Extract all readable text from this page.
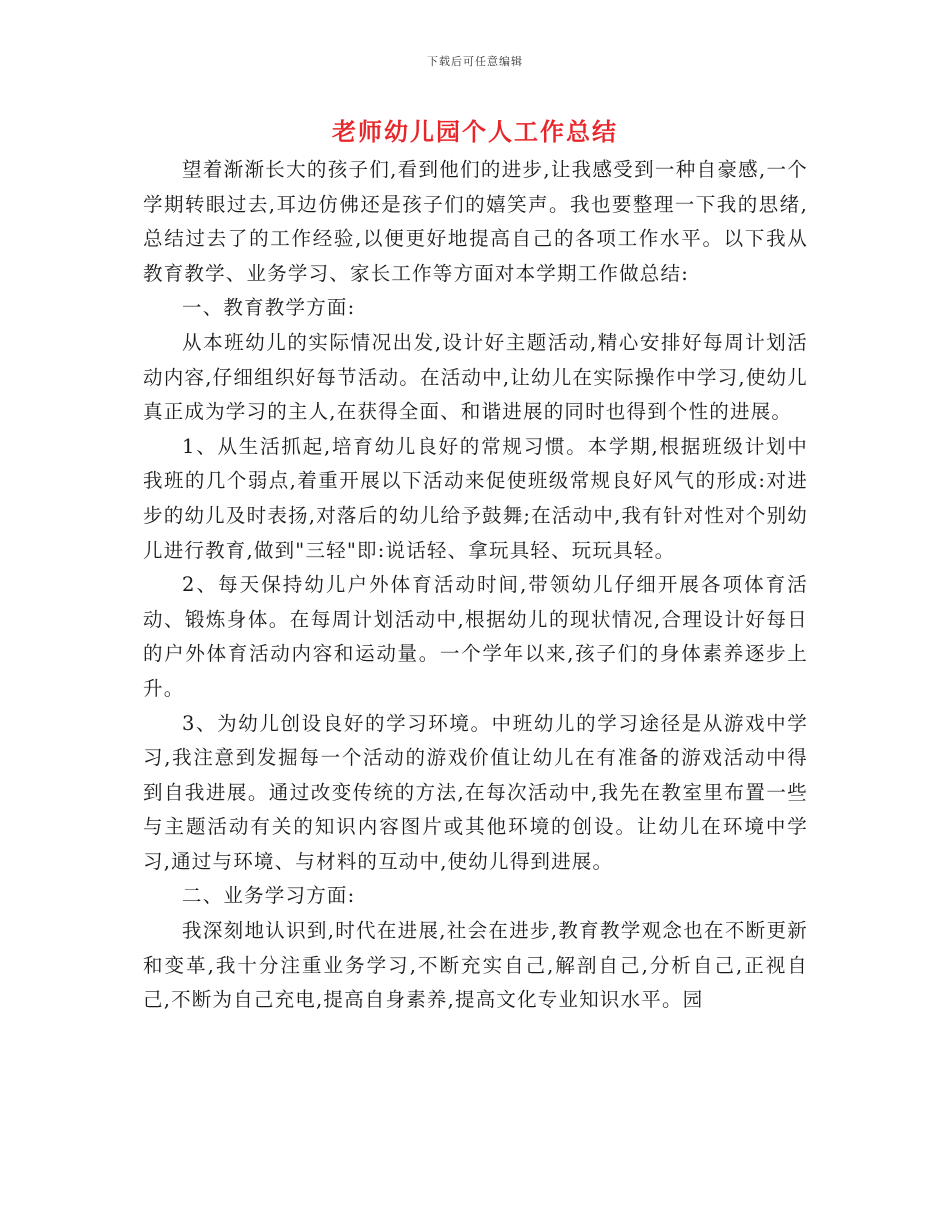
下载后可任意编辑
老师幼儿园个人工作总结

望着渐渐长大的孩子们,看到他们的进步,让我感受到一种自豪感,一个学期转眼过去,耳边仿佛还是孩子们的嬉笑声。我也要整理一下我的思绪,总结过去了的工作经验,以便更好地提高自己的各项工作水平。以下我从教育教学、业务学习、家长工作等方面对本学期工作做总结:

一、教育教学方面:

从本班幼儿的实际情况出发,设计好主题活动,精心安排好每周计划活动内容,仔细组织好每节活动。在活动中,让幼儿在实际操作中学习,使幼儿真正成为学习的主人,在获得全面、和谐进展的同时也得到个性的进展。

1、从生活抓起,培育幼儿良好的常规习惯。本学期,根据班级计划中我班的几个弱点,着重开展以下活动来促使班级常规良好风气的形成:对进步的幼儿及时表扬,对落后的幼儿给予鼓舞;在活动中,我有针对性对个别幼儿进行教育,做到"三轻"即:说话轻、拿玩具轻、玩玩具轻。

2、每天保持幼儿户外体育活动时间,带领幼儿仔细开展各项体育活动、锻炼身体。在每周计划活动中,根据幼儿的现状情况,合理设计好每日的户外体育活动内容和运动量。一个学年以来,孩子们的身体素养逐步上升。

3、为幼儿创设良好的学习环境。中班幼儿的学习途径是从游戏中学习,我注意到发掘每一个活动的游戏价值让幼儿在有准备的游戏活动中得到自我进展。通过改变传统的方法,在每次活动中,我先在教室里布置一些与主题活动有关的知识内容图片或其他环境的创设。让幼儿在环境中学习,通过与环境、与材料的互动中,使幼儿得到进展。

二、业务学习方面:

我深刻地认识到,时代在进展,社会在进步,教育教学观念也在不断更新和变革,我十分注重业务学习,不断充实自己,解剖自己,分析自己,正视自己,不断为自己充电,提高自身素养,提高文化专业知识水平。园
